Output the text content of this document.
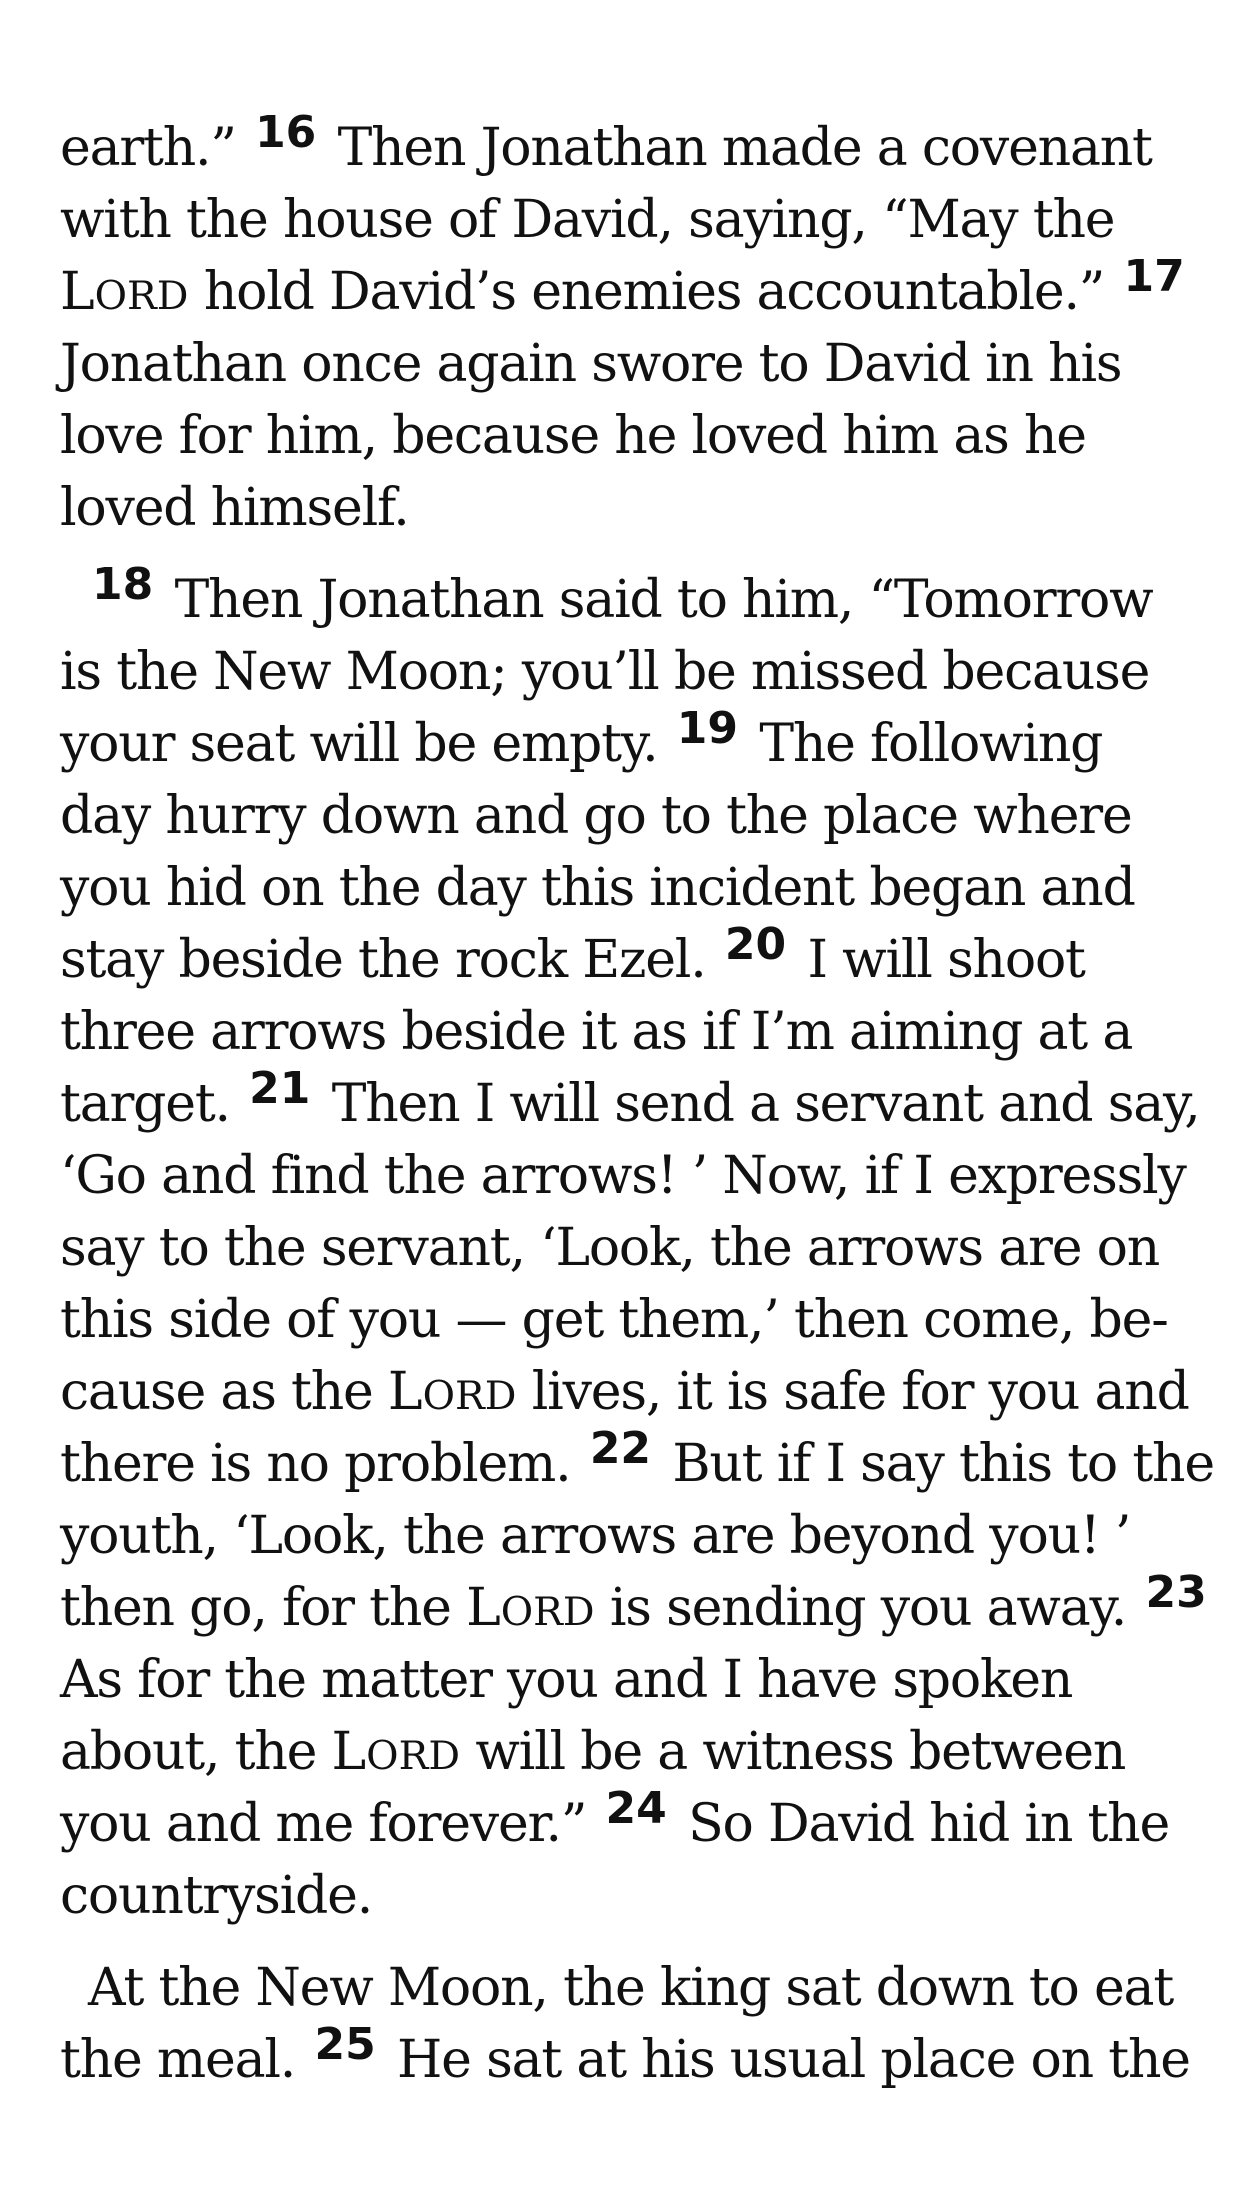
earth.” $^{16}$ Then Jonathan made a covenant
with the house of David, saying, “May the
LORD hold David’s enemies accountable.” $^{17}$
Jonathan once again swore to David in his
love for him, because he loved him as he
loved himself.
$^{18}$ Then Jonathan said to him, “Tomorrow
is the New Moon; you’ll be missed because
your seat will be empty. $^{19}$ The following
day hurry down and go to the place where
you hid on the day this incident began and
stay beside the rock Ezel. $^{20}$ I will shoot
three arrows beside it as if I’m aiming at a
target. $^{21}$ Then I will send a servant and say,
‘Go and find the arrows! ’ Now, if I expressly
say to the servant, ‘Look, the arrows are on
this side of you — get them,’ then come, be-
cause as the LORD lives, it is safe for you and
there is no problem. $^{22}$ But if I say this to the
youth, ‘Look, the arrows are beyond you! ’
then go, for the LORD is sending you away. $^{23}$
As for the matter you and I have spoken
about, the LORD will be a witness between
you and me forever.” $^{24}$ So David hid in the
countryside.
At the New Moon, the king sat down to eat
the meal. $^{25}$ He sat at his usual place on the
